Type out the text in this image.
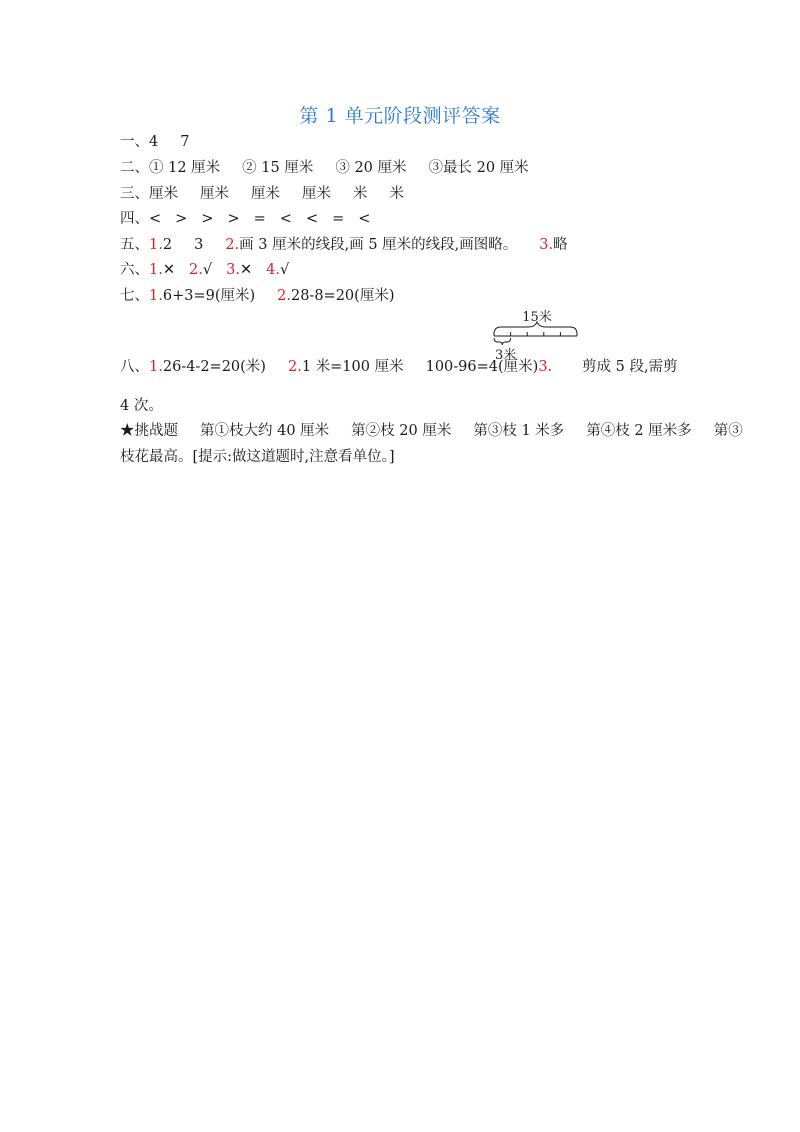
第 1 单元阶段测评答案
一、4 7
二、① 12 厘米 ② 15 厘米 ③ 20 厘米 ③最长 20 厘米
三、厘米 厘米 厘米 厘米 米 米
四、< > > > = < < = <
五、1.2 3 2.画 3 厘米的线段,画 5 厘米的线段,画图略。 3.略
六、1.✕ 2.√ 3.✕ 4.√
七、1.6+3=9(厘米) 2.28-8=20(厘米)
15米
3米
八、1.26-4-2=20(米) 2.1 米=100 厘米 100-96=4(厘米)3. 剪成 5 段,需剪
4 次。
★挑战题 第①枝大约 40 厘米 第②枝 20 厘米 第③枝 1 米多 第④枝 2 厘米多 第③
枝花最高。[提示:做这道题时,注意看单位。]
